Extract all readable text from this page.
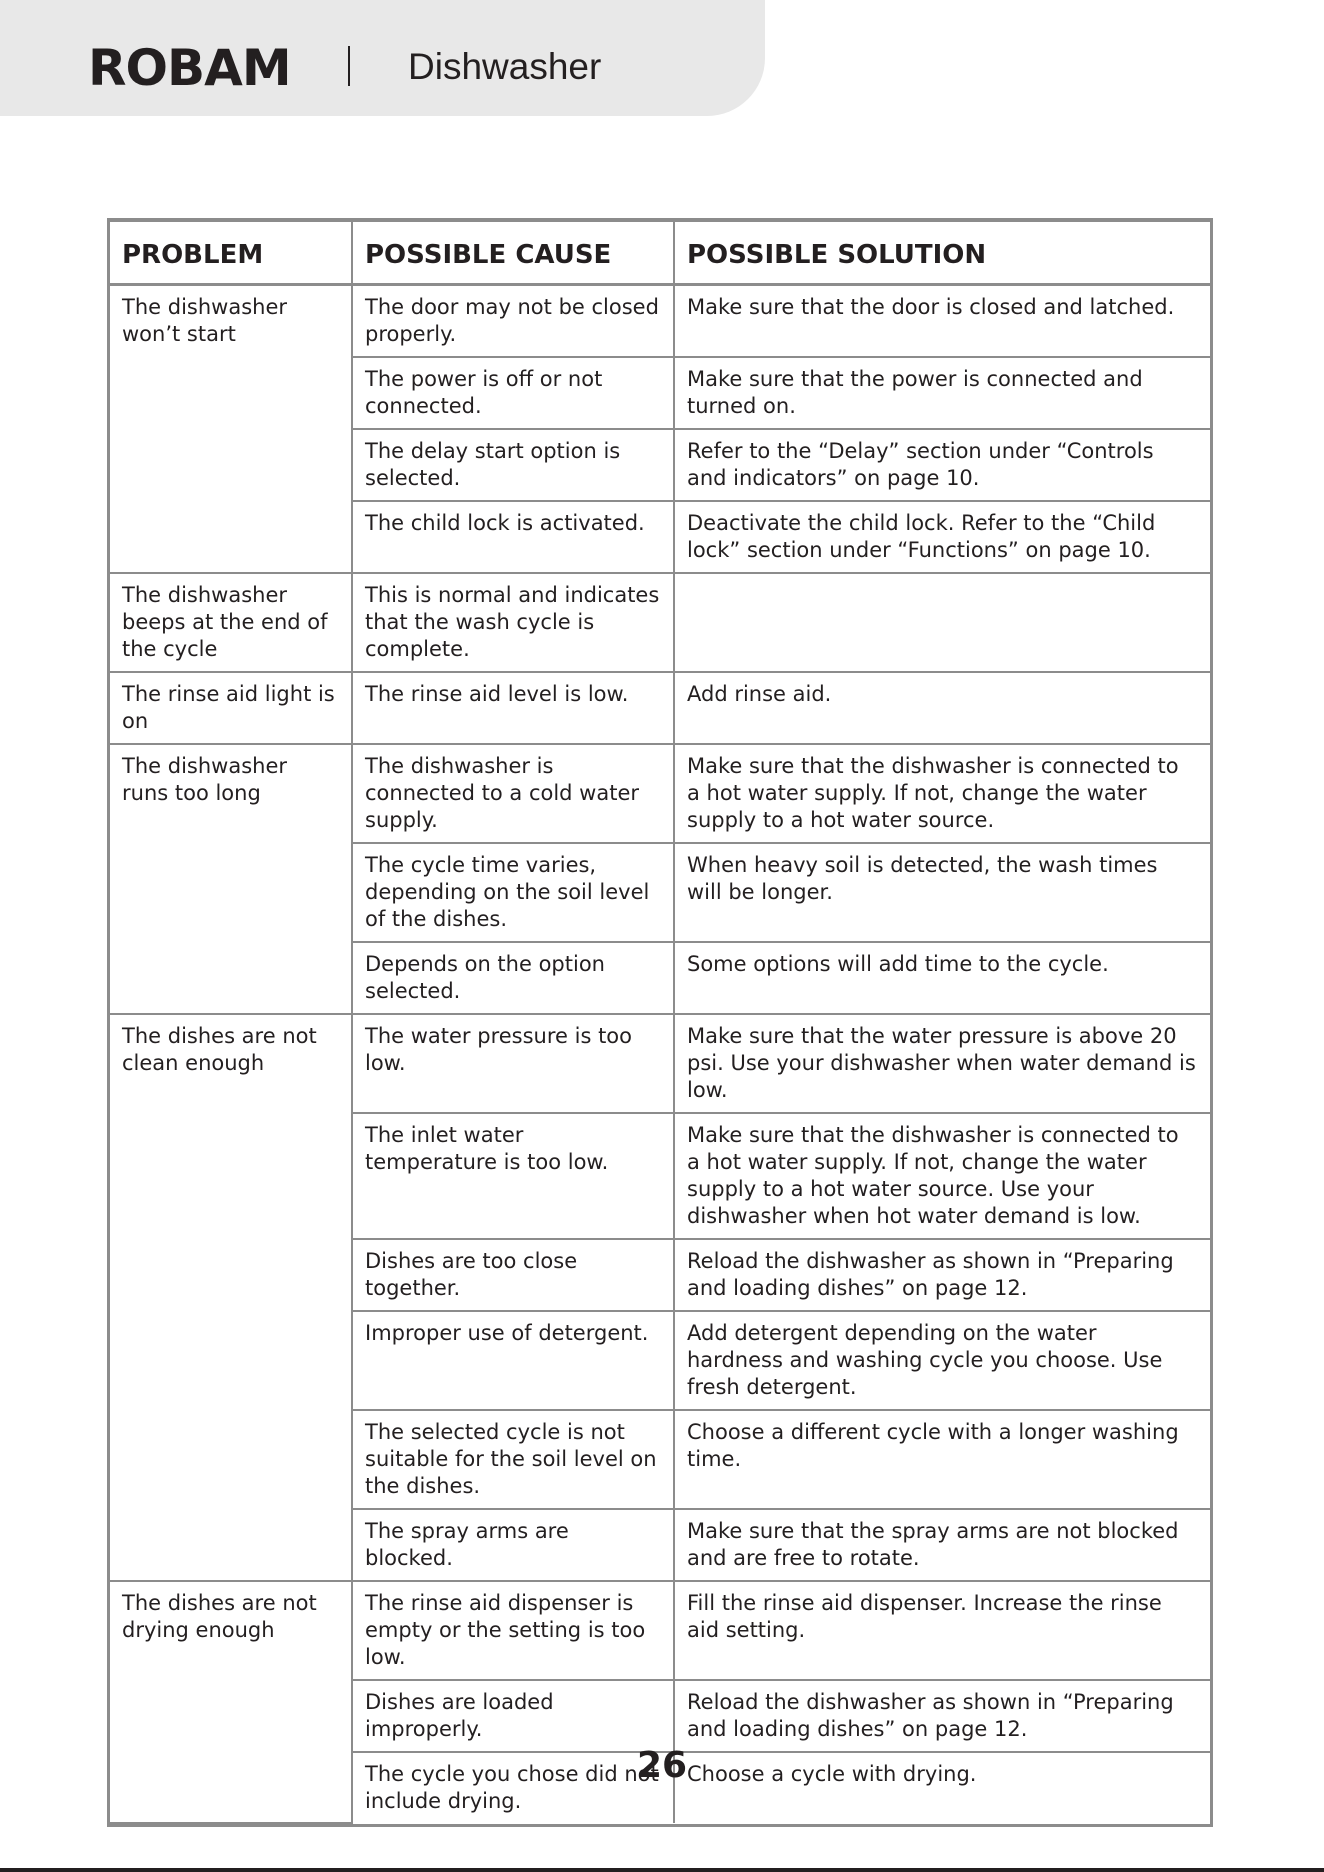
ROBAM	Dishwasher
PROBLEM	POSSIBLE CAUSE	POSSIBLE SOLUTION
The dishwasher won’t start	The door may not be closed properly.	Make sure that the door is closed and latched.
	The power is off or not connected.	Make sure that the power is connected and turned on.
	The delay start option is selected.	Refer to the “Delay” section under “Controls and indicators” on page 10.
	The child lock is activated.	Deactivate the child lock. Refer to the “Child lock” section under “Functions” on page 10.
The dishwasher beeps at the end of the cycle	This is normal and indicates that the wash cycle is complete.	
The rinse aid light is on	The rinse aid level is low.	Add rinse aid.
The dishwasher runs too long	The dishwasher is connected to a cold water supply.	Make sure that the dishwasher is connected to a hot water supply. If not, change the water supply to a hot water source.
	The cycle time varies, depending on the soil level of the dishes.	When heavy soil is detected, the wash times will be longer.
	Depends on the option selected.	Some options will add time to the cycle.
The dishes are not clean enough	The water pressure is too low.	Make sure that the water pressure is above 20 psi. Use your dishwasher when water demand is low.
	The inlet water temperature is too low.	Make sure that the dishwasher is connected to a hot water supply. If not, change the water supply to a hot water source. Use your dishwasher when hot water demand is low.
	Dishes are too close together.	Reload the dishwasher as shown in “Preparing and loading dishes” on page 12.
	Improper use of detergent.	Add detergent depending on the water hardness and washing cycle you choose. Use fresh detergent.
	The selected cycle is not suitable for the soil level on the dishes.	Choose a different cycle with a longer washing time.
	The spray arms are blocked.	Make sure that the spray arms are not blocked and are free to rotate.
The dishes are not drying enough	The rinse aid dispenser is empty or the setting is too low.	Fill the rinse aid dispenser. Increase the rinse aid setting.
	Dishes are loaded improperly.	Reload the dishwasher as shown in “Preparing and loading dishes” on page 12.
	The cycle you chose did not include drying.	Choose a cycle with drying.
26
